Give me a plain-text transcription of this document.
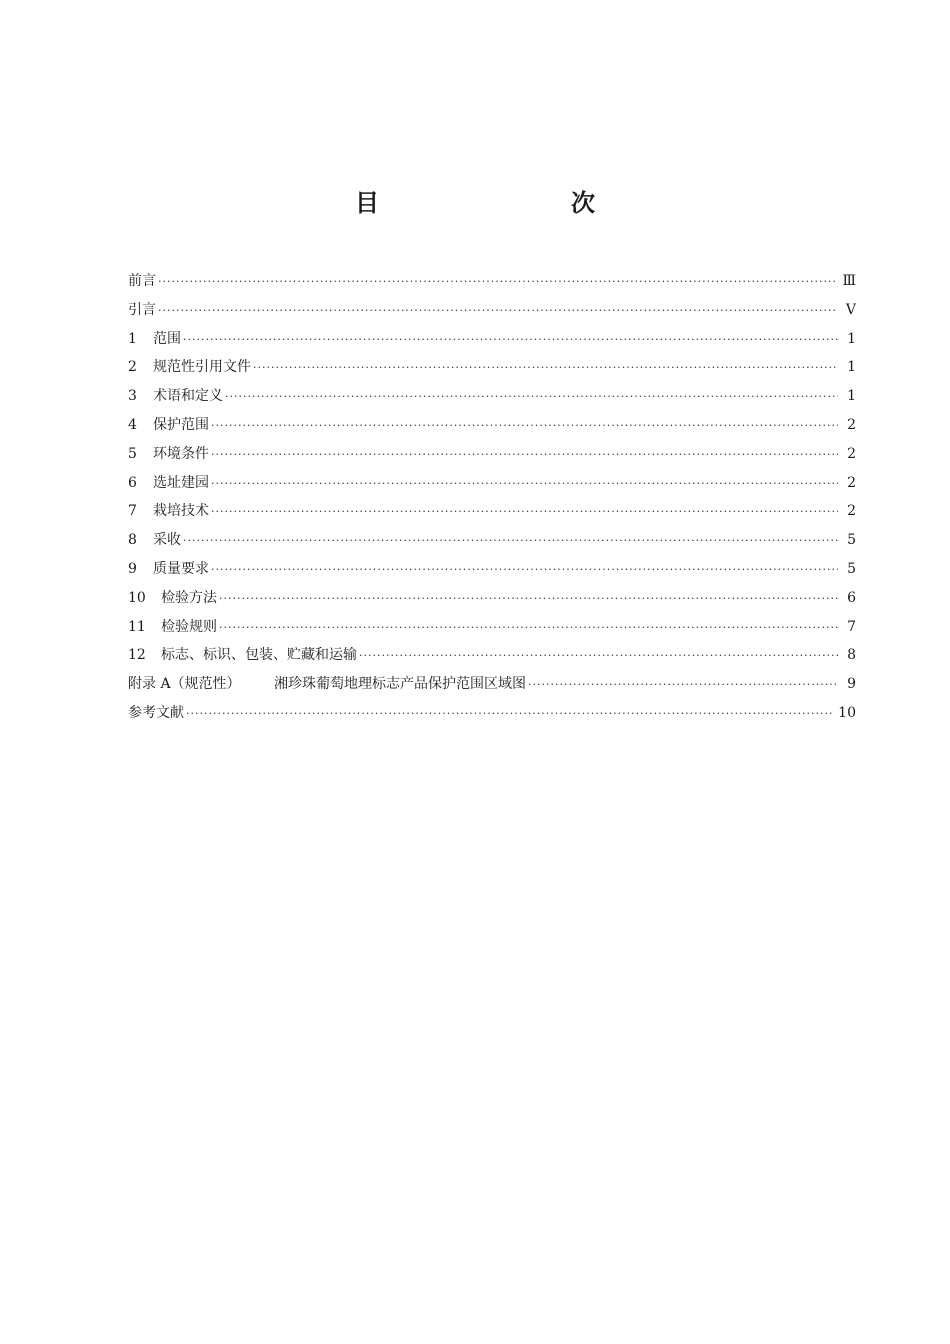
目　　次
前言 ·····	Ⅲ
引言 ·····	Ⅴ
1	范围 ·····	1
2	规范性引用文件 ·····	1
3	术语和定义 ·····	1
4	保护范围 ·····	2
5	环境条件 ·····	2
6	选址建园 ·····	2
7	栽培技术 ·····	2
8	采收 ·····	5
9	质量要求 ·····	5
10	检验方法 ·····	6
11	检验规则 ·····	7
12	标志、标识、包装、贮藏和运输 ·····	8
附录 A（规范性）	湘珍珠葡萄地理标志产品保护范围区域图 ·····	9
参考文献 ·····	10
